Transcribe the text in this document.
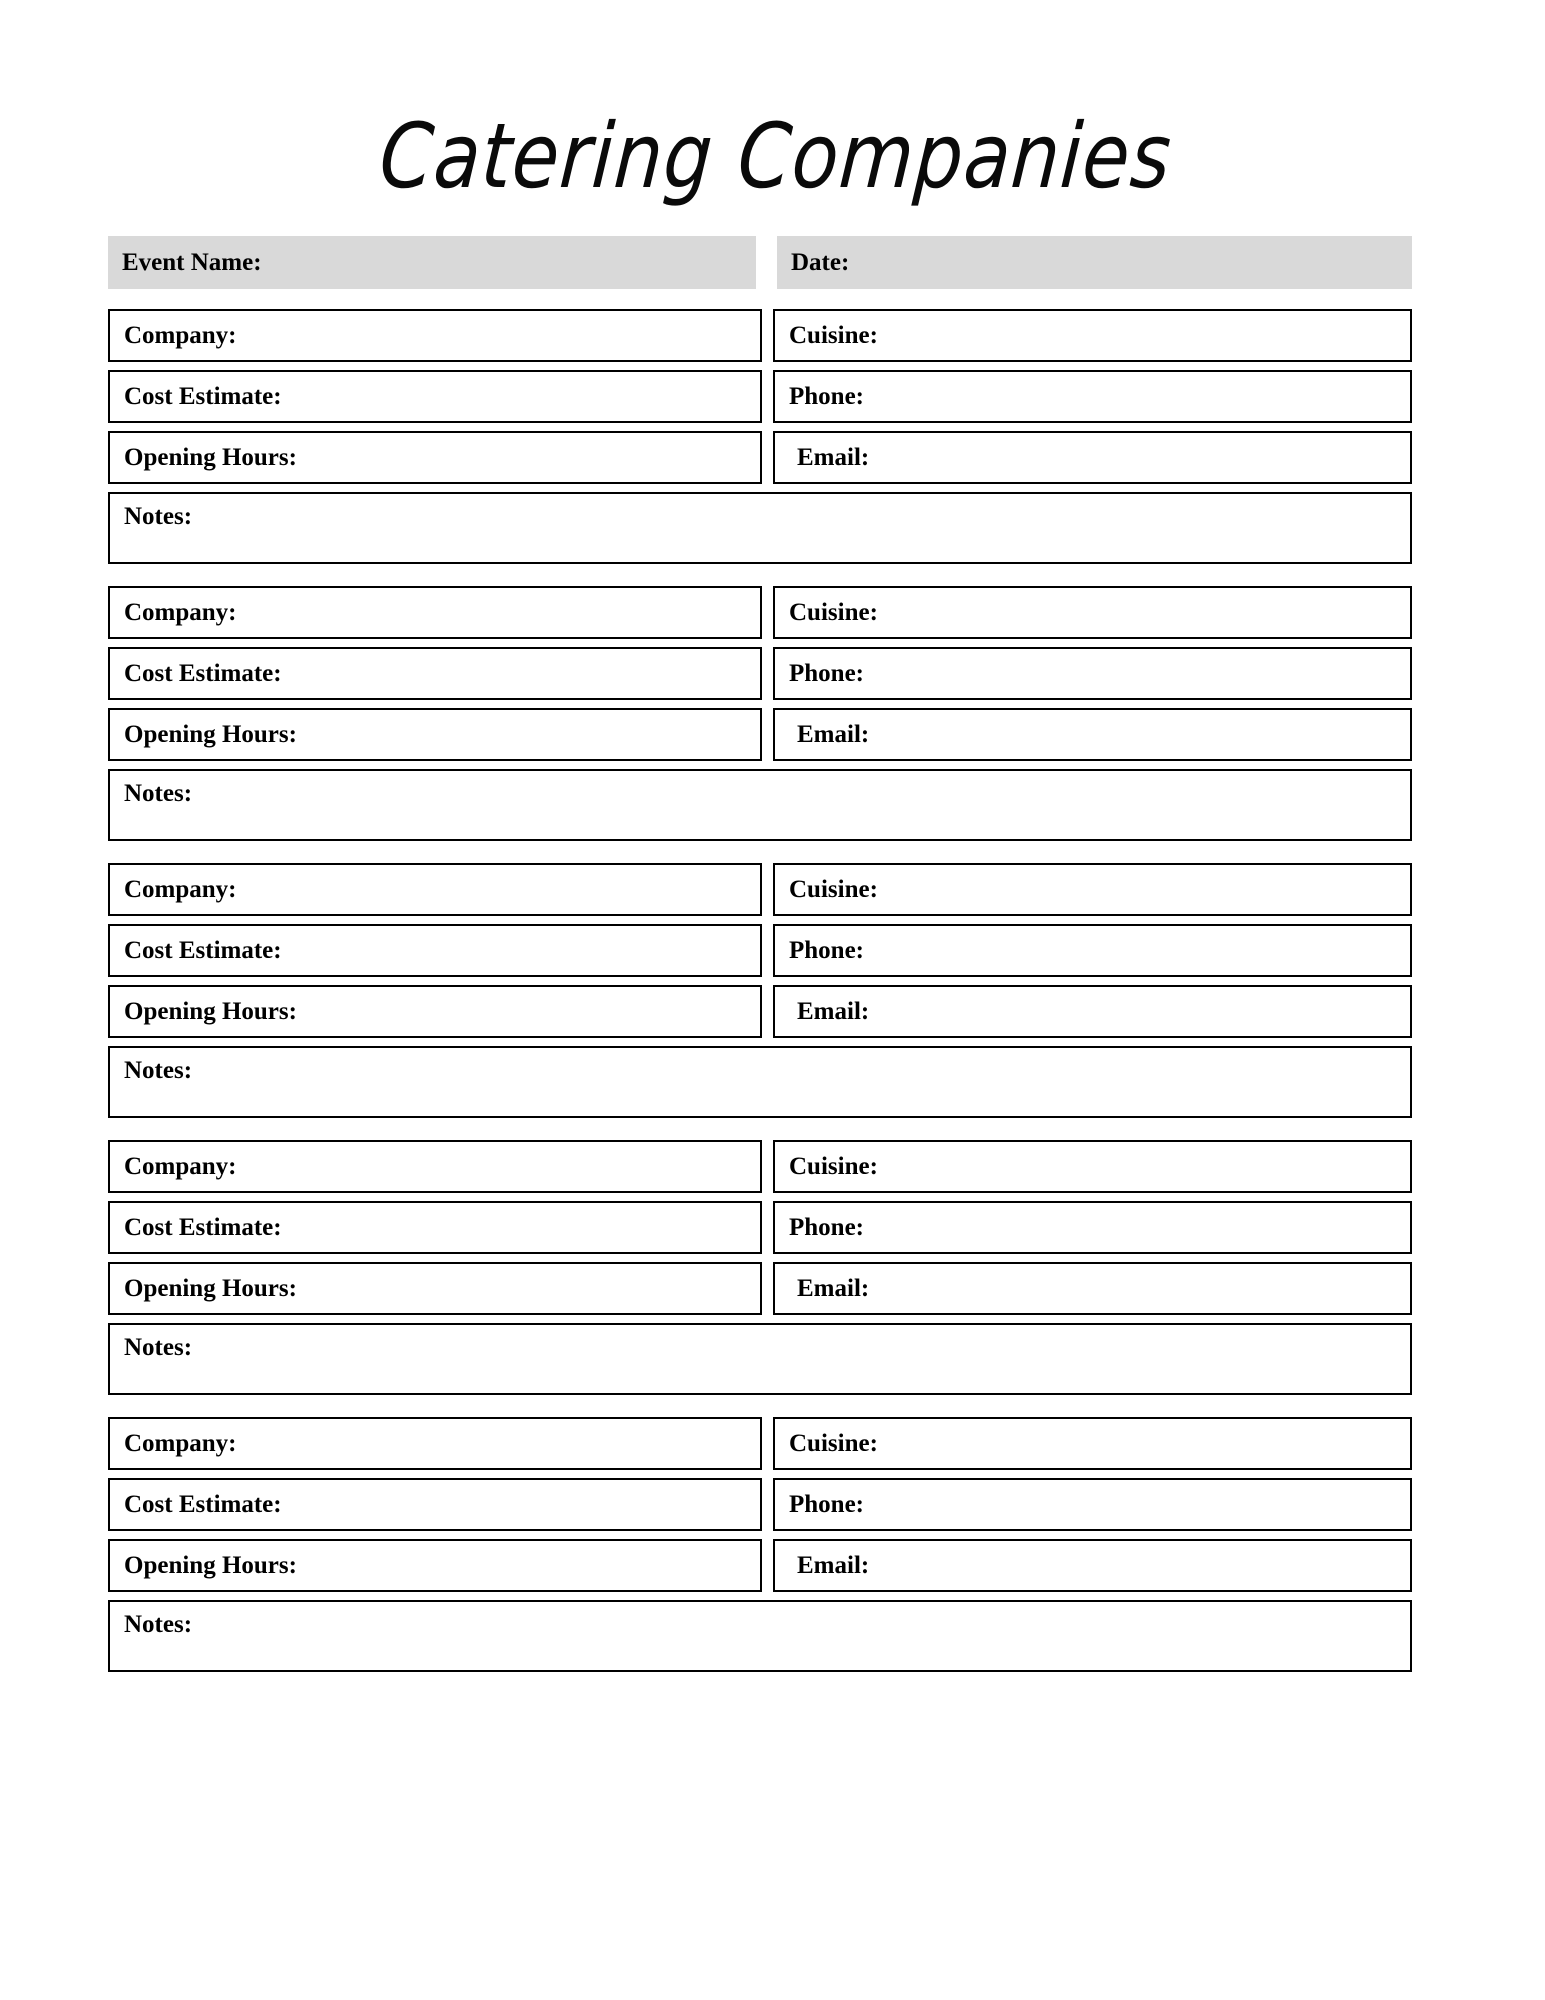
Catering Companies
Event Name:	Date:
Company:	Cuisine:
Cost Estimate:	Phone:
Opening Hours:	Email:
Notes:
Company:	Cuisine:
Cost Estimate:	Phone:
Opening Hours:	Email:
Notes:
Company:	Cuisine:
Cost Estimate:	Phone:
Opening Hours:	Email:
Notes:
Company:	Cuisine:
Cost Estimate:	Phone:
Opening Hours:	Email:
Notes:
Company:	Cuisine:
Cost Estimate:	Phone:
Opening Hours:	Email:
Notes:
